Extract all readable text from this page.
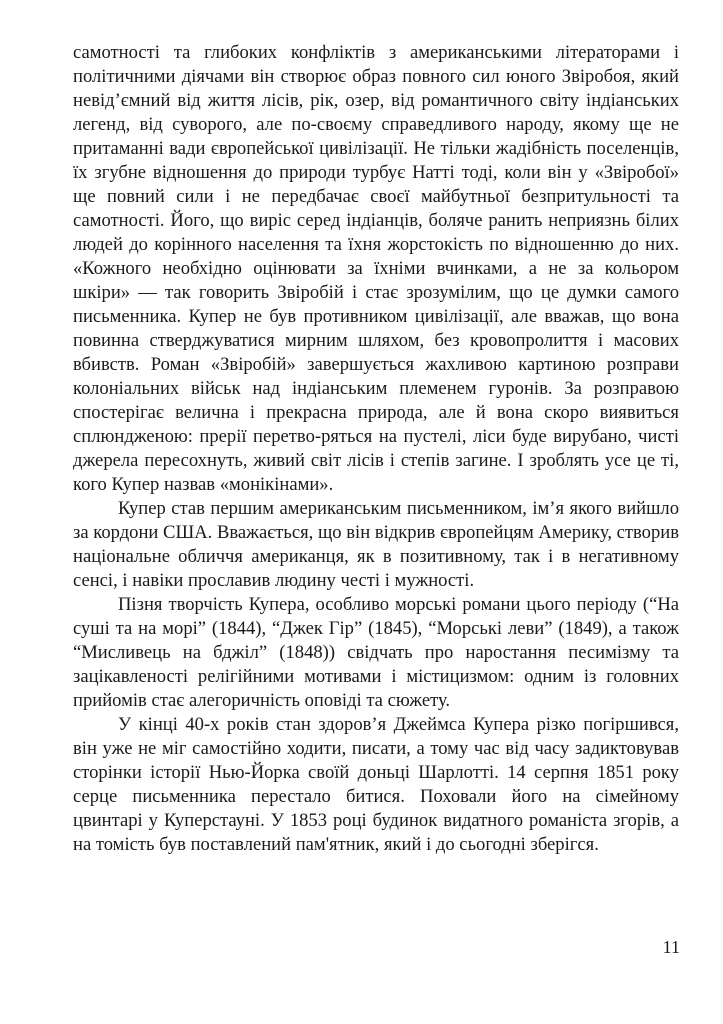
самотності та глибоких конфліктів з американськими літераторами і політичними діячами він створює образ повного сил юного Звіробоя, який невід’ємний від життя лісів, рік, озер, від романтичного світу індіанських легенд, від суворого, але по-своєму справедливого народу, якому ще не притаманні вади європейської цивілізації. Не тільки жадібність поселенців, їх згубне відношення до природи турбує Натті тоді, коли він у «Звіробої» ще повний сили і не передбачає своєї майбутньої безпритульності та самотності. Його, що виріс серед індіанців, боляче ранить неприязнь білих людей до корінного населення та їхня жорстокість по відношенню до них. «Кожного необхідно оцінювати за їхніми вчинками, а не за кольором шкіри» — так говорить Звіробій і стає зрозумілим, що це думки самого письменника. Купер не був противником цивілізації, але вважав, що вона повинна стверджуватися мирним шляхом, без кровопролиття і масових вбивств. Роман «Звіробій» завершується жахливою картиною розправи колоніальних військ над індіанським племенем гуронів. За розправою спостерігає велична і прекрасна природа, але й вона скоро виявиться сплюндженою: прерії перетво-ряться на пустелі, ліси буде вирубано, чисті джерела пересохнуть, живий світ лісів і степів загине. І зроблять усе це ті, кого Купер назвав «монікінами».

Купер став першим американським письменником, ім’я якого вийшло за кордони США. Вважається, що він відкрив європейцям Америку, створив національне обличчя американця, як в позитивному, так і в негативному сенсі, і навіки прославив людину честі і мужності.

Пізня творчість Купера, особливо морські романи цього періоду (“На суші та на морі” (1844), “Джек Гір” (1845), “Морські леви” (1849), а також “Мисливець на бджіл” (1848)) свідчать про наростання песимізму та зацікавленості релігійними мотивами і містицизмом: одним із головних прийомів стає алегоричність оповіді та сюжету.

У кінці 40-х років стан здоров’я Джеймса Купера різко погіршився, він уже не міг самостійно ходити, писати, а тому час від часу задиктовував сторінки історії Нью-Йорка своїй доньці Шарлотті. 14 серпня 1851 року серце письменника перестало битися. Поховали його на сімейному цвинтарі у Куперстауні. У 1853 році будинок видатного романіста згорів, а на томість був поставлений пам'ятник, який і до сьогодні зберігся.

11
